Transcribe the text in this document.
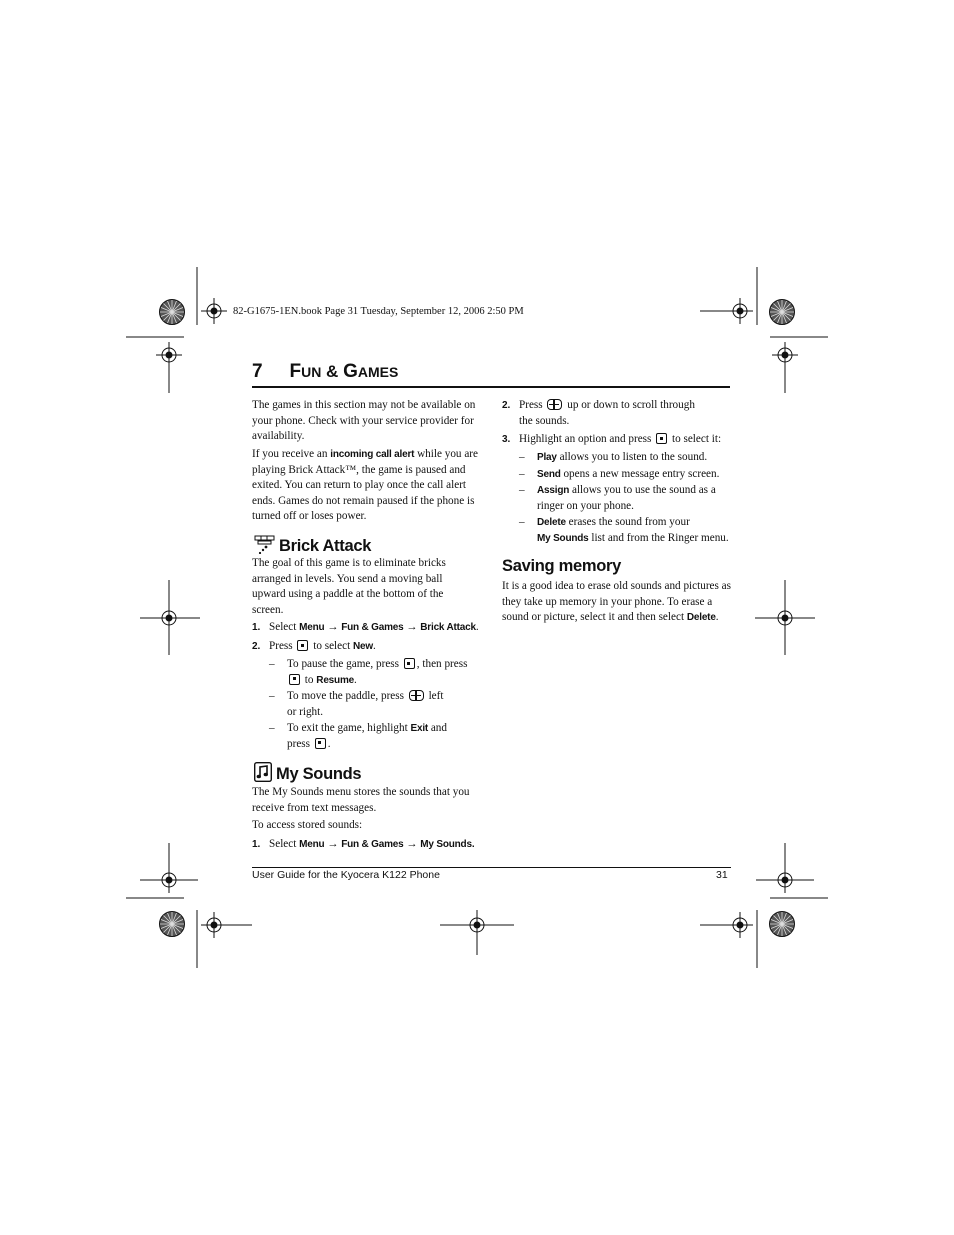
82-G1675-1EN.book Page 31 Tuesday, September 12, 2006 2:50 PM
7 FUN & GAMES
The games in this section may not be available on your phone. Check with your service provider for availability.
If you receive an incoming call alert while you are playing Brick Attack™, the game is paused and exited. You can return to play once the call alert ends. Games do not remain paused if the phone is turned off or loses power.
Brick Attack
The goal of this game is to eliminate bricks arranged in levels. You send a moving ball upward using a paddle at the bottom of the screen.
1. Select Menu → Fun & Games → Brick Attack.
2. Press to select New.
– To pause the game, press , then press
to Resume.
– To move the paddle, press left
or right.
– To exit the game, highlight Exit and
press .
My Sounds
The My Sounds menu stores the sounds that you receive from text messages.
To access stored sounds:
1. Select Menu → Fun & Games → My Sounds.
2. Press up or down to scroll through
the sounds.
3. Highlight an option and press to select it:
– Play allows you to listen to the sound.
– Send opens a new message entry screen.
– Assign allows you to use the sound as a
ringer on your phone.
– Delete erases the sound from your
My Sounds list and from the Ringer menu.
Saving memory
It is a good idea to erase old sounds and pictures as they take up memory in your phone. To erase a sound or picture, select it and then select Delete.
User Guide for the Kyocera K122 Phone	31
